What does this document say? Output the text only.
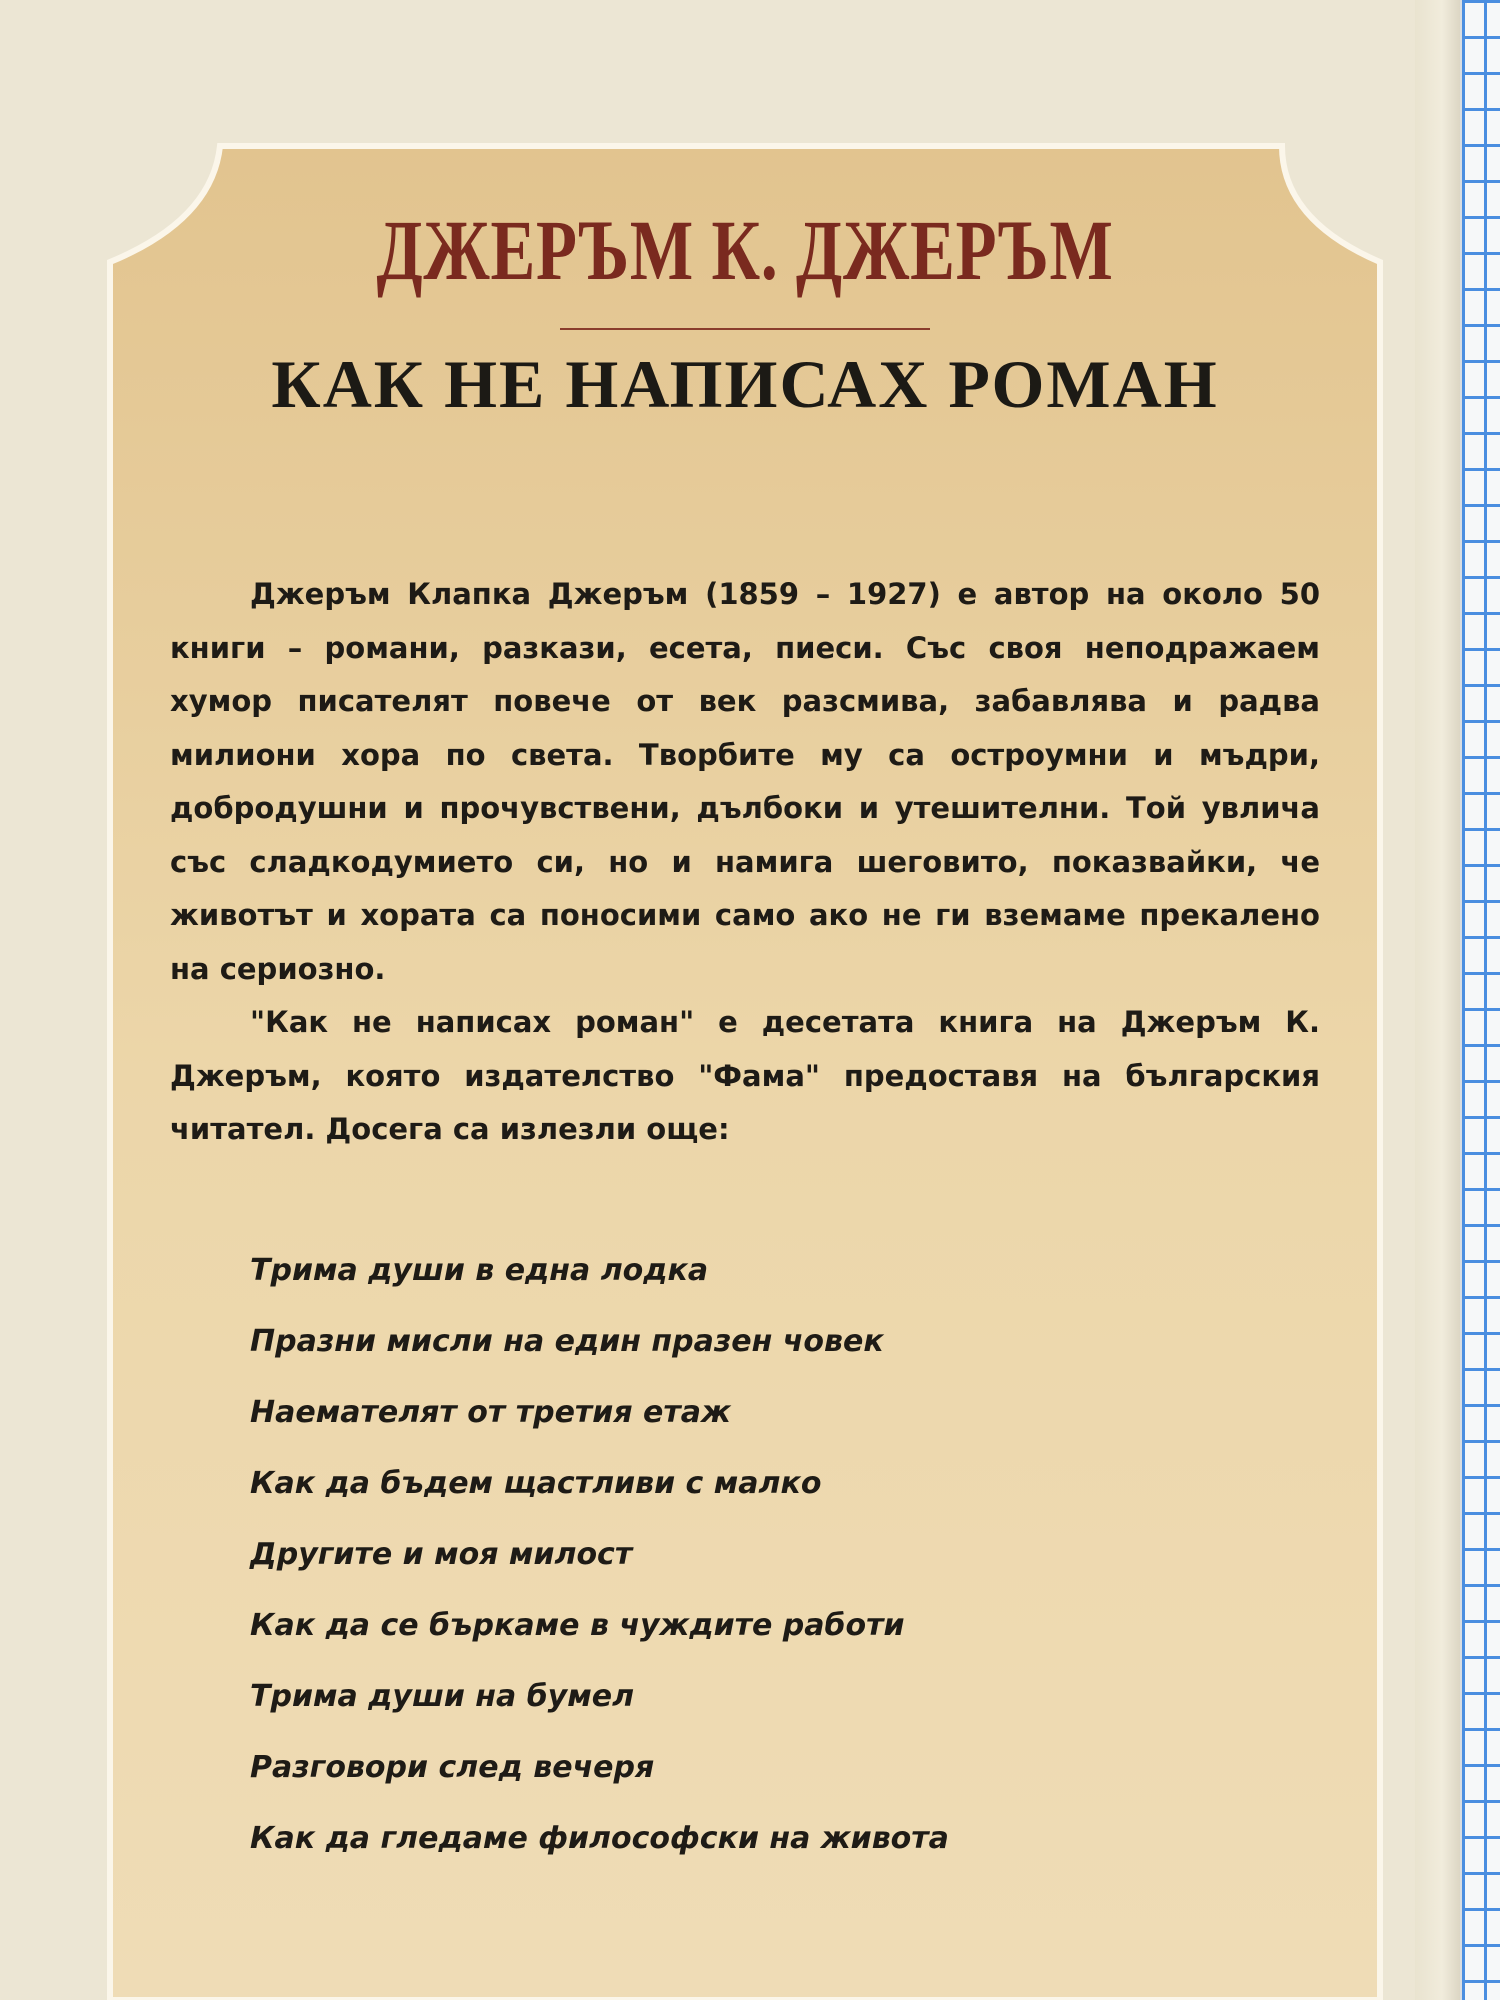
ДЖЕРЪМ К. ДЖЕРЪМ
КАК НЕ НАПИСАХ РОМАН

Джеръм Клапка Джеръм (1859 – 1927) е автор на около 50 книги – романи, разкази, есета, пиеси. Със своя неподражаем хумор писателят повече от век разсмива, забавлява и радва милиони хора по света. Творбите му са остроумни и мъдри, добродушни и прочувствени, дълбоки и утешителни. Той увлича със сладкодумието си, но и намига шеговито, показвайки, че животът и хората са поносими само ако не ги вземаме прекалено на сериозно.

"Как не написах роман" е десетата книга на Джеръм К. Джеръм, която издателство "Фама" предоставя на българския читател. Досега са излезли още:

Трима души в една лодка
Празни мисли на един празен човек
Наемателят от третия етаж
Как да бъдем щастливи с малко
Другите и моя милост
Как да се бъркаме в чуждите работи
Трима души на бумел
Разговори след вечеря
Как да гледаме философски на живота
